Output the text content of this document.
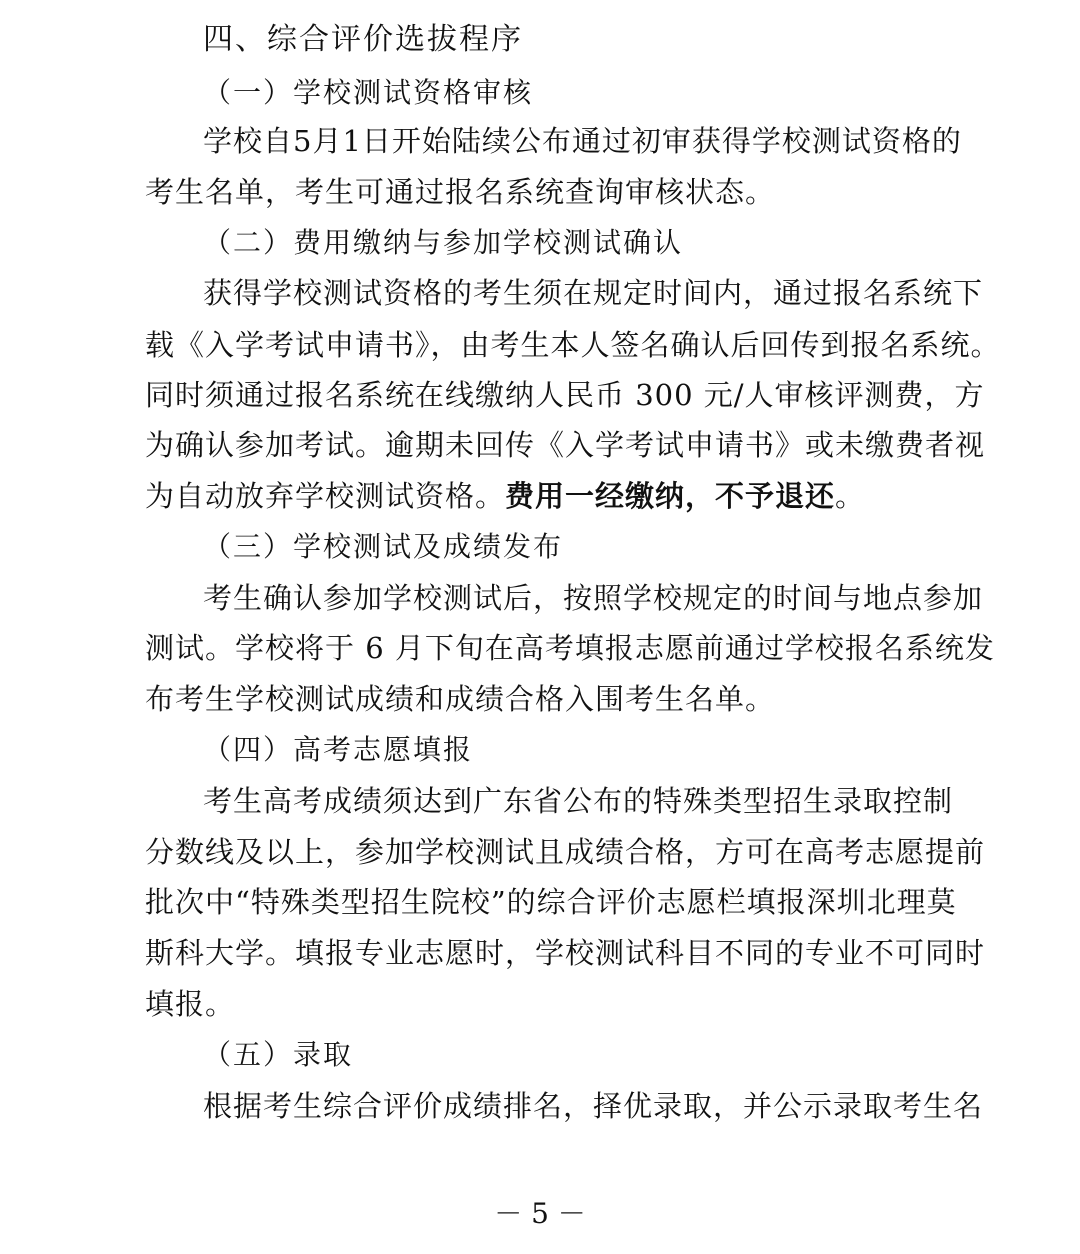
四、综合评价选拔程序

（一）学校测试资格审核

学校自5月1日开始陆续公布通过初审获得学校测试资格的

考生名单，考生可通过报名系统查询审核状态。

（二）费用缴纳与参加学校测试确认

获得学校测试资格的考生须在规定时间内，通过报名系统下

载《入学考试申请书》，由考生本人签名确认后回传到报名系统。

同时须通过报名系统在线缴纳人民币 300 元/人审核评测费，方

为确认参加考试。逾期未回传《入学考试申请书》或未缴费者视

为自动放弃学校测试资格。费用一经缴纳，不予退还。

（三）学校测试及成绩发布

考生确认参加学校测试后，按照学校规定的时间与地点参加

测试。学校将于 6 月下旬在高考填报志愿前通过学校报名系统发

布考生学校测试成绩和成绩合格入围考生名单。

（四）高考志愿填报

考生高考成绩须达到广东省公布的特殊类型招生录取控制

分数线及以上，参加学校测试且成绩合格，方可在高考志愿提前

批次中“特殊类型招生院校”的综合评价志愿栏填报深圳北理莫

斯科大学。填报专业志愿时，学校测试科目不同的专业不可同时

填报。

（五）录取

根据考生综合评价成绩排名，择优录取，并公示录取考生名

－ 5 －
